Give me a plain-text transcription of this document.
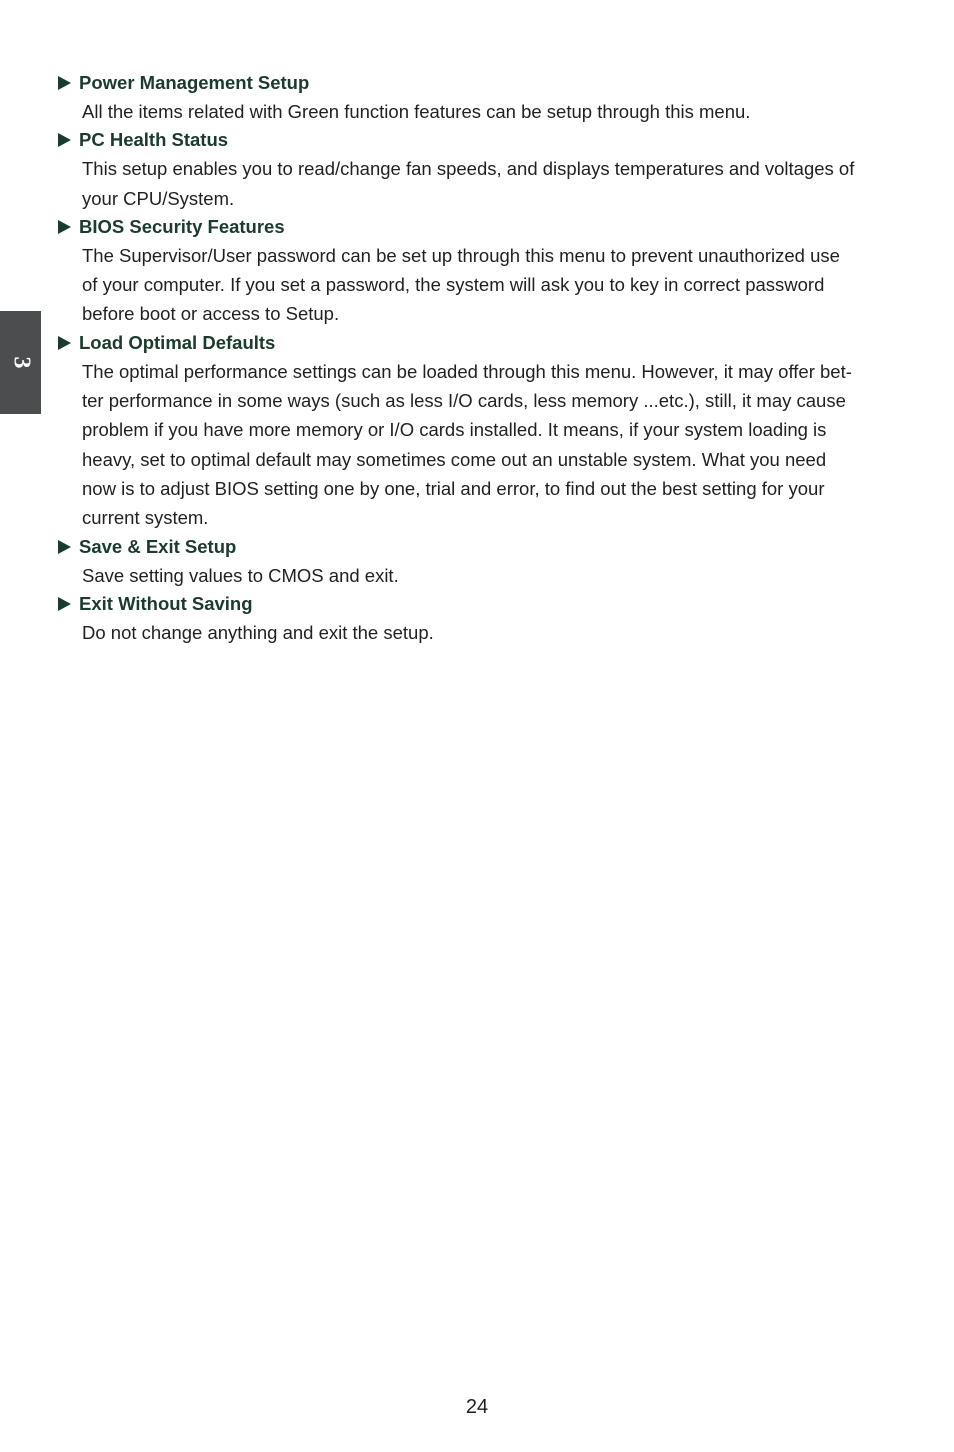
3
Power Management Setup
All the items related with Green function features can be setup through this menu.
PC Health Status
This setup enables you to read/change fan speeds, and displays temperatures and voltages of
your CPU/System.
BIOS Security Features
The Supervisor/User password can be set up through this menu to prevent unauthorized use
of your computer. If you set a password, the system will ask you to key in correct password
before boot or access to Setup.
Load Optimal Defaults
The optimal performance settings can be loaded through this menu. However, it may offer bet-
ter performance in some ways (such as less I/O cards, less memory ...etc.), still, it may cause
problem if you have more memory or I/O cards installed. It means, if your system loading is
heavy, set to optimal default may sometimes come out an unstable system. What you need
now is to adjust BIOS setting one by one, trial and error, to find out the best setting for your
current system.
Save & Exit Setup
Save setting values to CMOS and exit.
Exit Without Saving
Do not change anything and exit the setup.
24
